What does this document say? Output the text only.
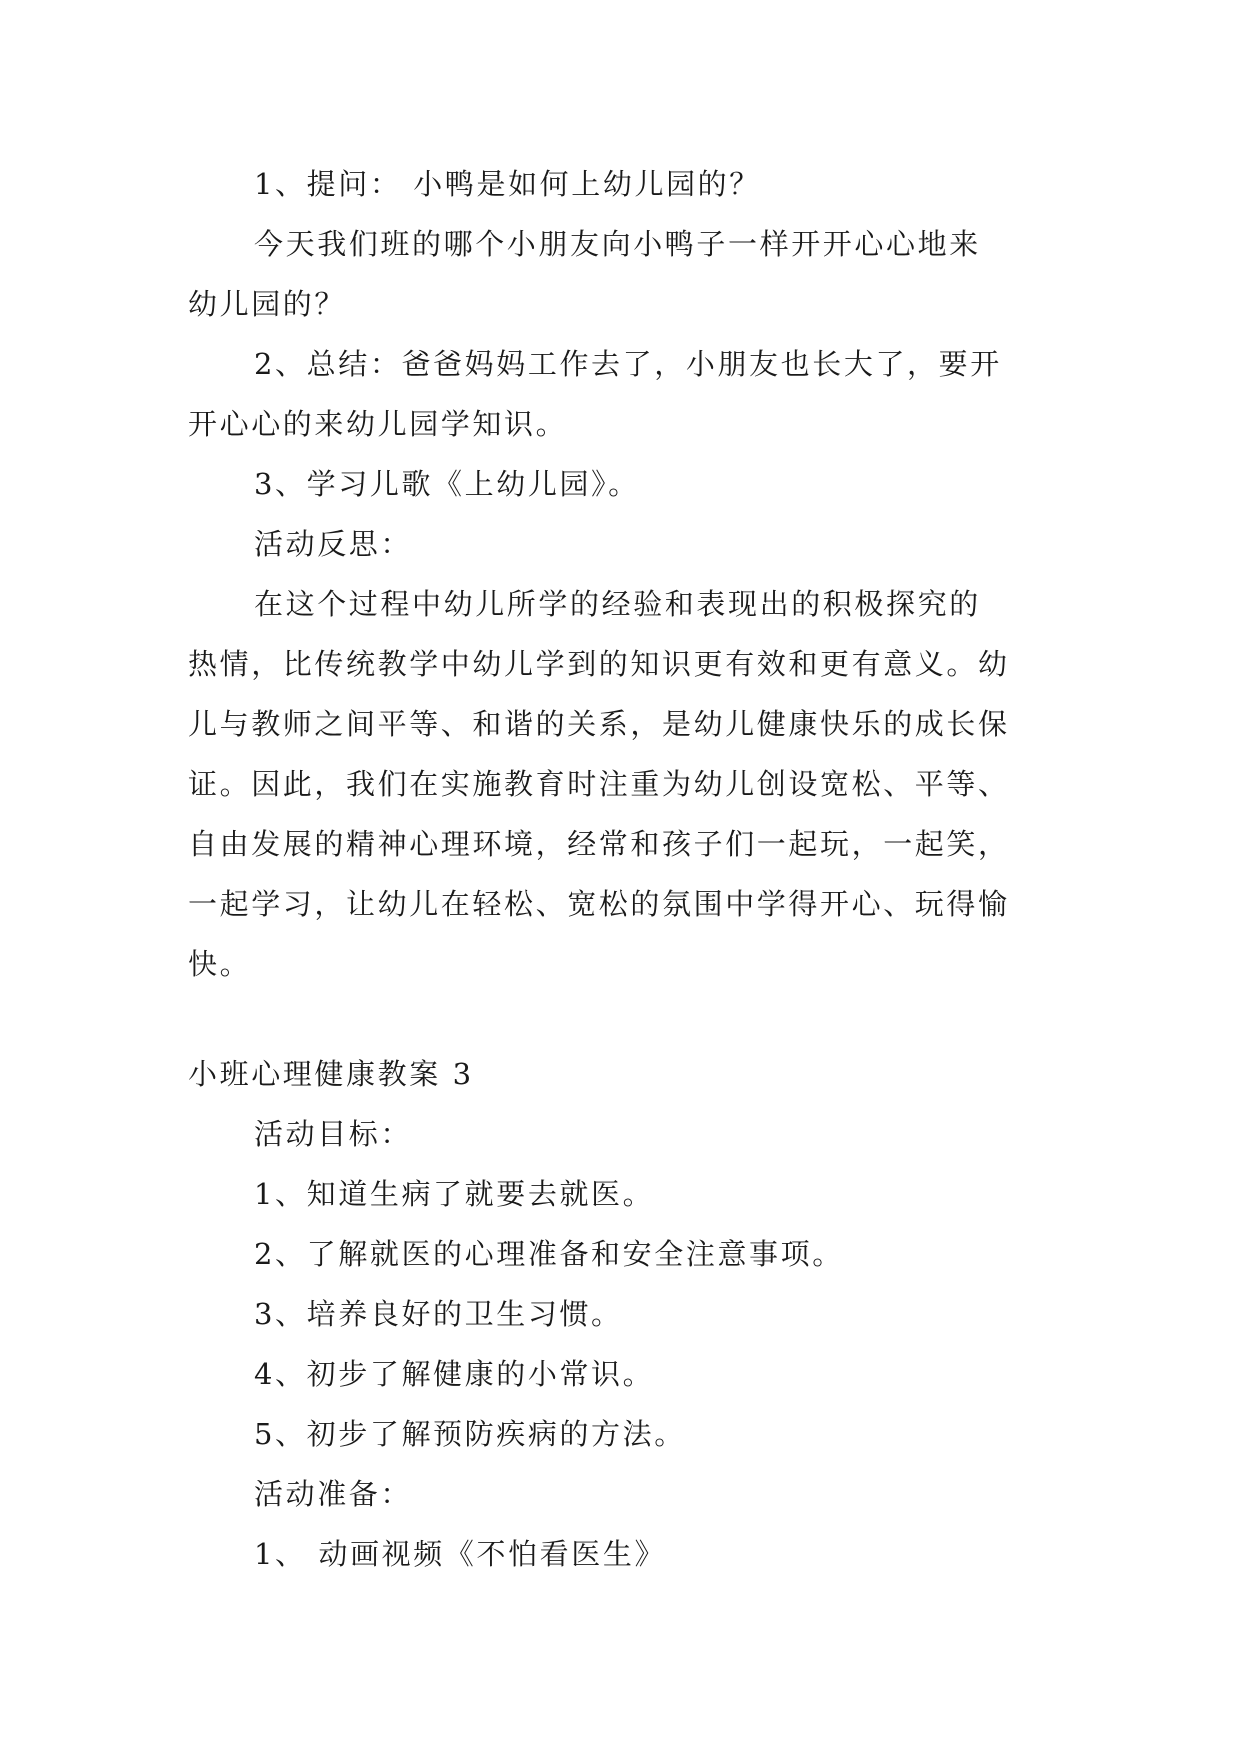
1、提问： 小鸭是如何上幼儿园的？

今天我们班的哪个小朋友向小鸭子一样开开心心地来

幼儿园的？

2、总结：爸爸妈妈工作去了，小朋友也长大了，要开

开心心的来幼儿园学知识。

3、学习儿歌《上幼儿园》。

活动反思：

在这个过程中幼儿所学的经验和表现出的积极探究的

热情，比传统教学中幼儿学到的知识更有效和更有意义。幼

儿与教师之间平等、和谐的关系，是幼儿健康快乐的成长保

证。因此，我们在实施教育时注重为幼儿创设宽松、平等、

自由发展的精神心理环境，经常和孩子们一起玩，一起笑，

一起学习，让幼儿在轻松、宽松的氛围中学得开心、玩得愉

快。

小班心理健康教案 3

活动目标：

1、知道生病了就要去就医。

2、了解就医的心理准备和安全注意事项。

3、培养良好的卫生习惯。

4、初步了解健康的小常识。

5、初步了解预防疾病的方法。

活动准备：

1、 动画视频《不怕看医生》
